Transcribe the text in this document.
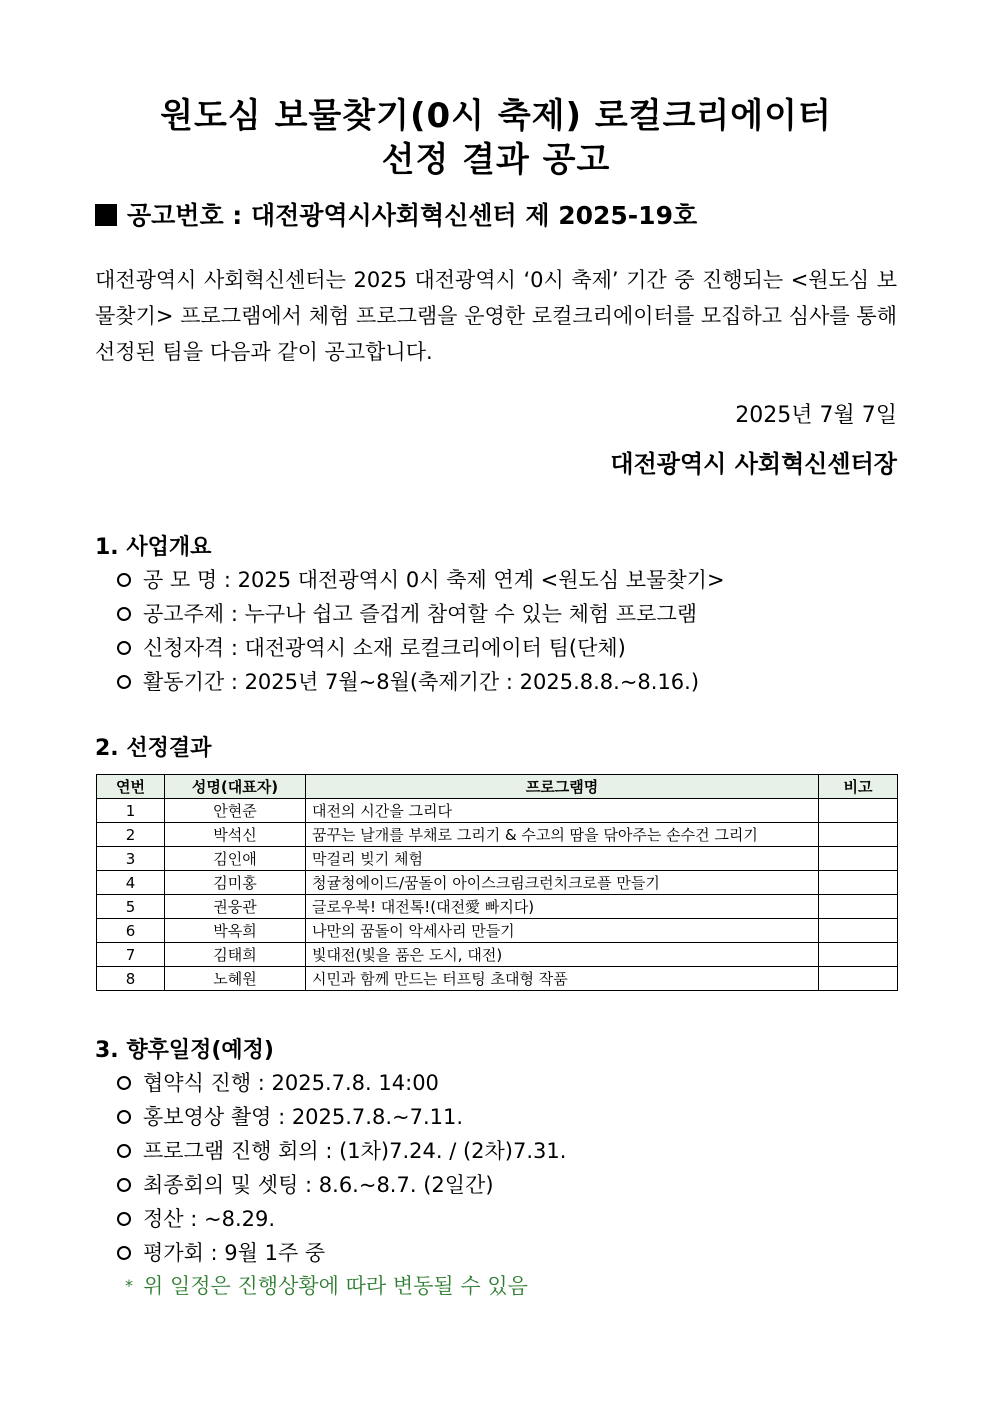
원도심 보물찾기(0시 축제) 로컬크리에이터
선정 결과 공고
공고번호 : 대전광역시사회혁신센터 제 2025-19호

대전광역시 사회혁신센터는 2025 대전광역시 ‘0시 축제’ 기간 중 진행되는 <원도심 보물찾기> 프로그램에서 체험 프로그램을 운영한 로컬크리에이터를 모집하고 심사를 통해 선정된 팀을 다음과 같이 공고합니다.

2025년 7월 7일
대전광역시 사회혁신센터장
1. 사업개요
공 모 명 : 2025 대전광역시 0시 축제 연계 <원도심 보물찾기>
공고주제 : 누구나 쉽고 즐겁게 참여할 수 있는 체험 프로그램
신청자격 : 대전광역시 소재 로컬크리에이터 팀(단체)
활동기간 : 2025년 7월~8월(축제기간 : 2025.8.8.~8.16.)
2. 선정결과
연번	성명(대표자)	프로그램명	비고
1	안현준	대전의 시간을 그리다	
2	박석신	꿈꾸는 날개를 부채로 그리기 & 수고의 땀을 닦아주는 손수건 그리기	
3	김인애	막걸리 빚기 체험	
4	김미홍	청귤청에이드/꿈돌이 아이스크림크런치크로플 만들기	
5	권웅관	글로우북! 대전톡!(대전愛 빠지다)	
6	박옥희	나만의 꿈돌이 악세사리 만들기	
7	김태희	빛대전(빛을 품은 도시, 대전)	
8	노혜원	시민과 함께 만드는 터프팅 초대형 작품	
3. 향후일정(예정)
협약식 진행 : 2025.7.8. 14:00
홍보영상 촬영 : 2025.7.8.~7.11.
프로그램 진행 회의 : (1차)7.24. / (2차)7.31.
최종회의 및 셋팅 : 8.6.~8.7. (2일간)
정산 : ~8.29.
평가회 : 9월 1주 중
* 위 일정은 진행상황에 따라 변동될 수 있음
